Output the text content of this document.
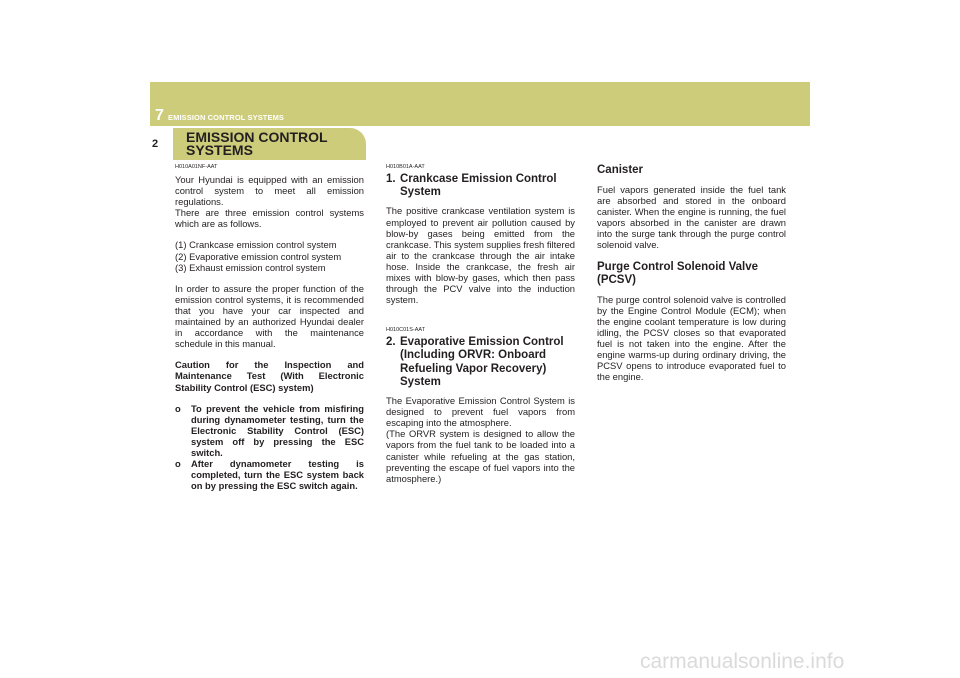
7 EMISSION CONTROL SYSTEMS
2 EMISSION CONTROL
SYSTEMS

H010A01NF-AAT

Your Hyundai is equipped with an emission control system to meet all emission regulations.

There are three emission control systems which are as follows.

(1) Crankcase emission control system

(2) Evaporative emission control system

(3) Exhaust emission control system

In order to assure the proper function of the emission control systems, it is recommended that you have your car inspected and maintained by an authorized Hyundai dealer in accordance with the maintenance schedule in this manual.

Caution for the Inspection and Maintenance Test (With Electronic Stability Control (ESC) system)

o	To prevent the vehicle from misfiring during dynamometer testing, turn the Electronic Stability Control (ESC) system off by pressing the ESC switch.
o	After dynamometer testing is completed, turn the ESC system back on by pressing the ESC switch again.

H010B01A-AAT

1. Crankcase Emission Control System

The positive crankcase ventilation system is employed to prevent air pollution caused by blow-by gases being emitted from the crankcase. This system supplies fresh filtered air to the crankcase through the air intake hose. Inside the crankcase, the fresh air mixes with blow-by gases, which then pass through the PCV valve into the induction system.

H010C01S-AAT

2. Evaporative Emission Control (Including ORVR: Onboard Refueling Vapor Recovery) System

The Evaporative Emission Control System is designed to prevent fuel vapors from escaping into the atmosphere.

(The ORVR system is designed to allow the vapors from the fuel tank to be loaded into a canister while refueling at the gas station, preventing the escape of fuel vapors into the atmosphere.)

Canister

Fuel vapors generated inside the fuel tank are absorbed and stored in the onboard canister. When the engine is running, the fuel vapors absorbed in the canister are drawn into the surge tank through the purge control solenoid valve.

Purge Control Solenoid Valve (PCSV)

The purge control solenoid valve is controlled by the Engine Control Module (ECM); when the engine coolant temperature is low during idling, the PCSV closes so that evaporated fuel is not taken into the engine. After the engine warms-up during ordinary driving, the PCSV opens to introduce evaporated fuel to the engine.

carmanualsonline.info
